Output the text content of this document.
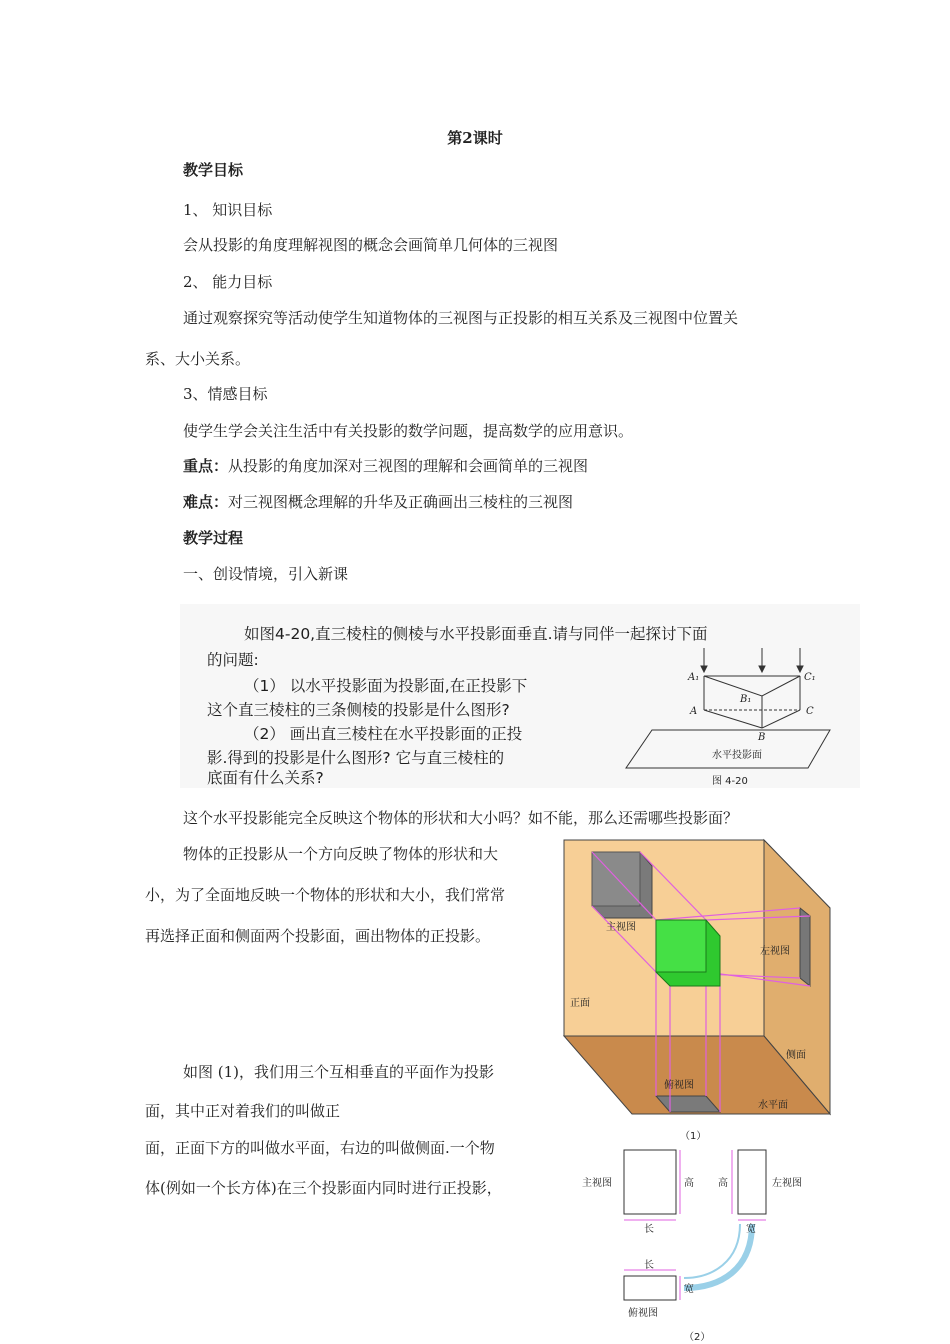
第2课时
教学目标
1、 知识目标
会从投影的角度理解视图的概念会画简单几何体的三视图
2、 能力目标
通过观察探究等活动使学生知道物体的三视图与正投影的相互关系及三视图中位置关
系、大小关系。
3、情感目标
使学生学会关注生活中有关投影的数学问题，提高数学的应用意识。
重点：从投影的角度加深对三视图的理解和会画简单的三视图
难点：对三视图概念理解的升华及正确画出三棱柱的三视图
教学过程
一、创设情境，引入新课
如图4-20,直三棱柱的侧棱与水平投影面垂直.请与同伴一起探讨下面
的问题:
（1） 以水平投影面为投影面,在正投影下
这个直三棱柱的三条侧棱的投影是什么图形?
（2） 画出直三棱柱在水平投影面的正投
影.得到的投影是什么图形? 它与直三棱柱的
底面有什么关系?
A₁
B₁
C₁
A
B
C
水平投影面
图 4-20
这个水平投影能完全反映这个物体的形状和大小吗？如不能，那么还需哪些投影面？
物体的正投影从一个方向反映了物体的形状和大
小，为了全面地反映一个物体的形状和大小，我们常常
再选择正面和侧面两个投影面，画出物体的正投影。
如图 (1)，我们用三个互相垂直的平面作为投影
面，其中正对着我们的叫做正
面，正面下方的叫做水平面，右边的叫做侧面.一个物
体(例如一个长方体)在三个投影面内同时进行正投影，
主视图
左视图
正面
侧面
俯视图
水平面
（1）
主视图	左视图
高 高
长	宽
长
宽
俯视图
（2）
